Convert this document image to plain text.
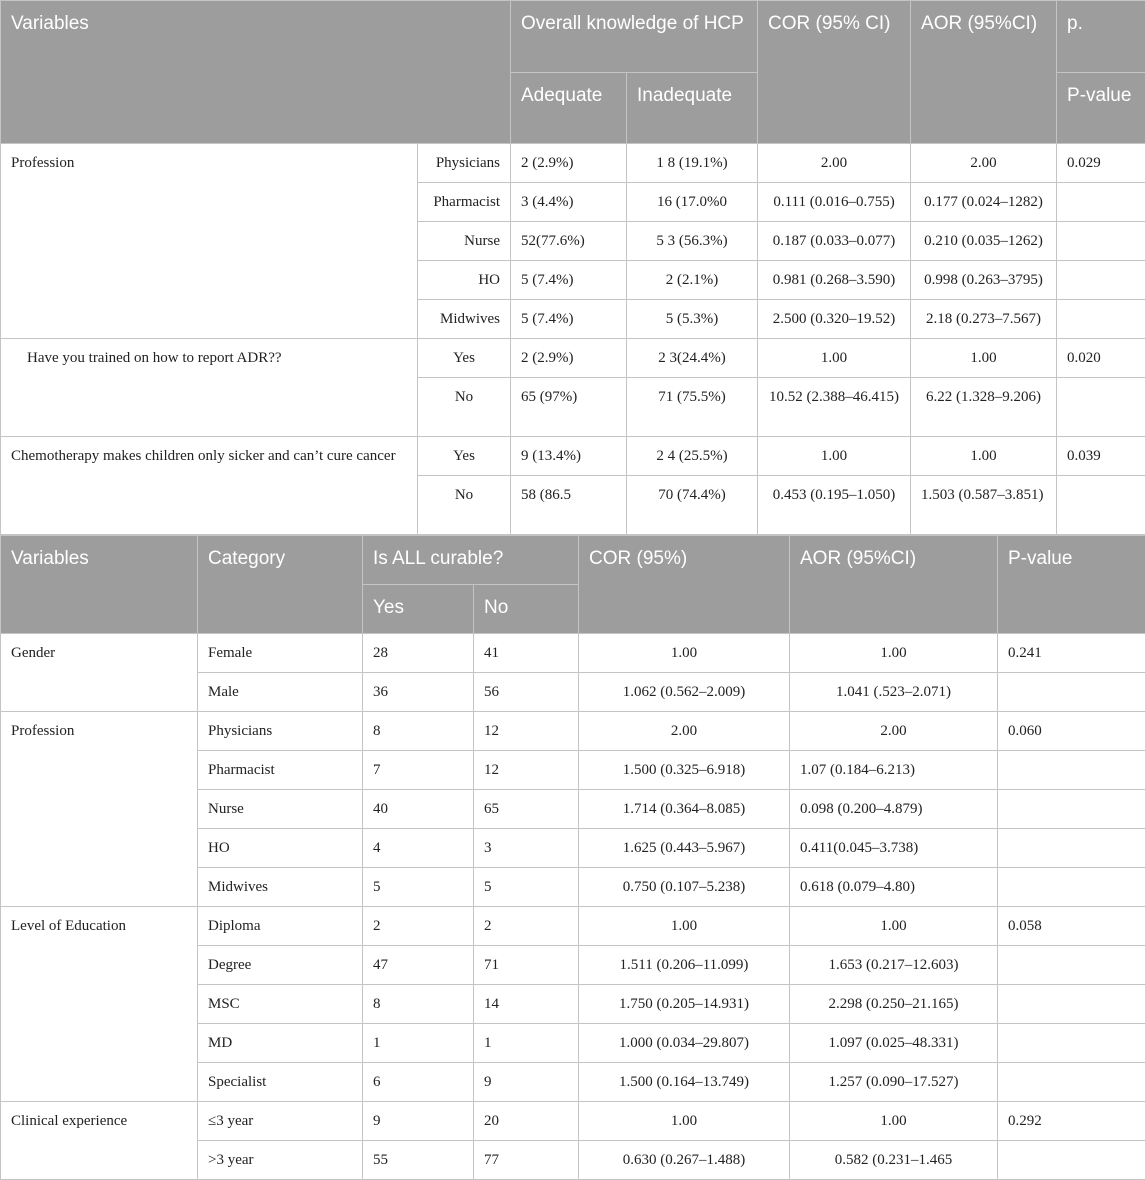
Variables		Overall knowledge of HCP		COR (95% CI)	AOR (95%CI)	p.
		Adequate	Inadequate			P-value
Profession	Physicians	2 (2.9%)	1 8 (19.1%)	2.00	2.00	0.029
	Pharmacist	3 (4.4%)	16 (17.0%0	0.111 (0.016–0.755)	0.177 (0.024–1282)	
	Nurse	52(77.6%)	5 3 (56.3%)	0.187 (0.033–0.077)	0.210 (0.035–1262)	
	HO	5 (7.4%)	2 (2.1%)	0.981 (0.268–3.590)	0.998 (0.263–3795)	
	Midwives	5 (7.4%)	5 (5.3%)	2.500 (0.320–19.52)	2.18 (0.273–7.567)	
Have you trained on how to report ADR??	Yes	2 (2.9%)	2 3(24.4%)	1.00	1.00	0.020
	No	65 (97%)	71 (75.5%)	10.52 (2.388–46.415)	6.22 (1.328–9.206)	
Chemotherapy makes children only sicker and can’t cure cancer	Yes	9 (13.4%)	2 4 (25.5%)	1.00	1.00	0.039
	No	58 (86.5	70 (74.4%)	0.453 (0.195–1.050)	1.503 (0.587–3.851)	
Variables	Category	Is ALL curable?		COR (95%)	AOR (95%CI)	P-value
		Yes	No			
Gender	Female	28	41	1.00	1.00	0.241
	Male	36	56	1.062 (0.562–2.009)	1.041 (.523–2.071)	
Profession	Physicians	8	12	2.00	2.00	0.060
	Pharmacist	7	12	1.500 (0.325–6.918)	1.07 (0.184–6.213)	
	Nurse	40	65	1.714 (0.364–8.085)	0.098 (0.200–4.879)	
	HO	4	3	1.625 (0.443–5.967)	0.411(0.045–3.738)	
	Midwives	5	5	0.750 (0.107–5.238)	0.618 (0.079–4.80)	
Level of Education	Diploma	2	2	1.00	1.00	0.058
	Degree	47	71	1.511 (0.206–11.099)	1.653 (0.217–12.603)	
	MSC	8	14	1.750 (0.205–14.931)	2.298 (0.250–21.165)	
	MD	1	1	1.000 (0.034–29.807)	1.097 (0.025–48.331)	
	Specialist	6	9	1.500 (0.164–13.749)	1.257 (0.090–17.527)	
Clinical experience	≤3 year	9	20	1.00	1.00	0.292
	>3 year	55	77	0.630 (0.267–1.488)	0.582 (0.231–1.465	
